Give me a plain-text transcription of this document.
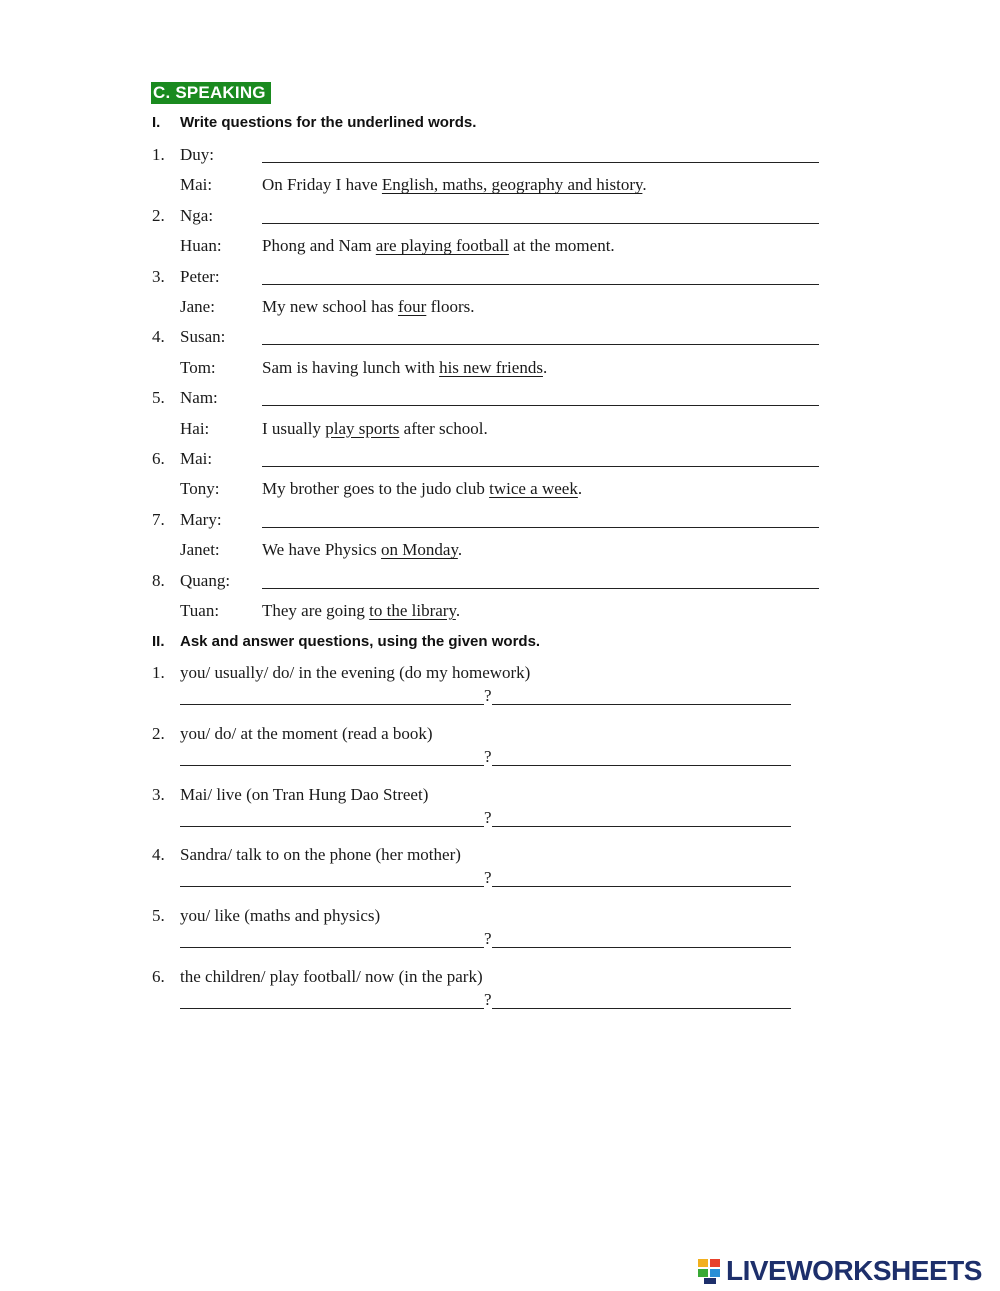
C. SPEAKING
I. Write questions for the underlined words.
1. Duy:
Mai:	On Friday I have English, maths, geography and history.
2. Nga:
Huan: Phong and Nam are playing football at the moment.
3. Peter:
Jane:	My new school has four floors.
4. Susan:
Tom:	Sam is having lunch with his new friends.
5. Nam:
Hai:	I usually play sports after school.
6. Mai:
Tony:	My brother goes to the judo club twice a week.
7. Mary:
Janet: We have Physics on Monday.
8. Quang:
Tuan:	They are going to the library.
II. Ask and answer questions, using the given words.
1. you/ usually/ do/ in the evening (do my homework)
?
2. you/ do/ at the moment (read a book)
?
3. Mai/ live (on Tran Hung Dao Street)
?
4. Sandra/ talk to on the phone (her mother)
?
5. you/ like (maths and physics)
?
6. the children/ play football/ now (in the park)
?
LIVEWORKSHEETS
